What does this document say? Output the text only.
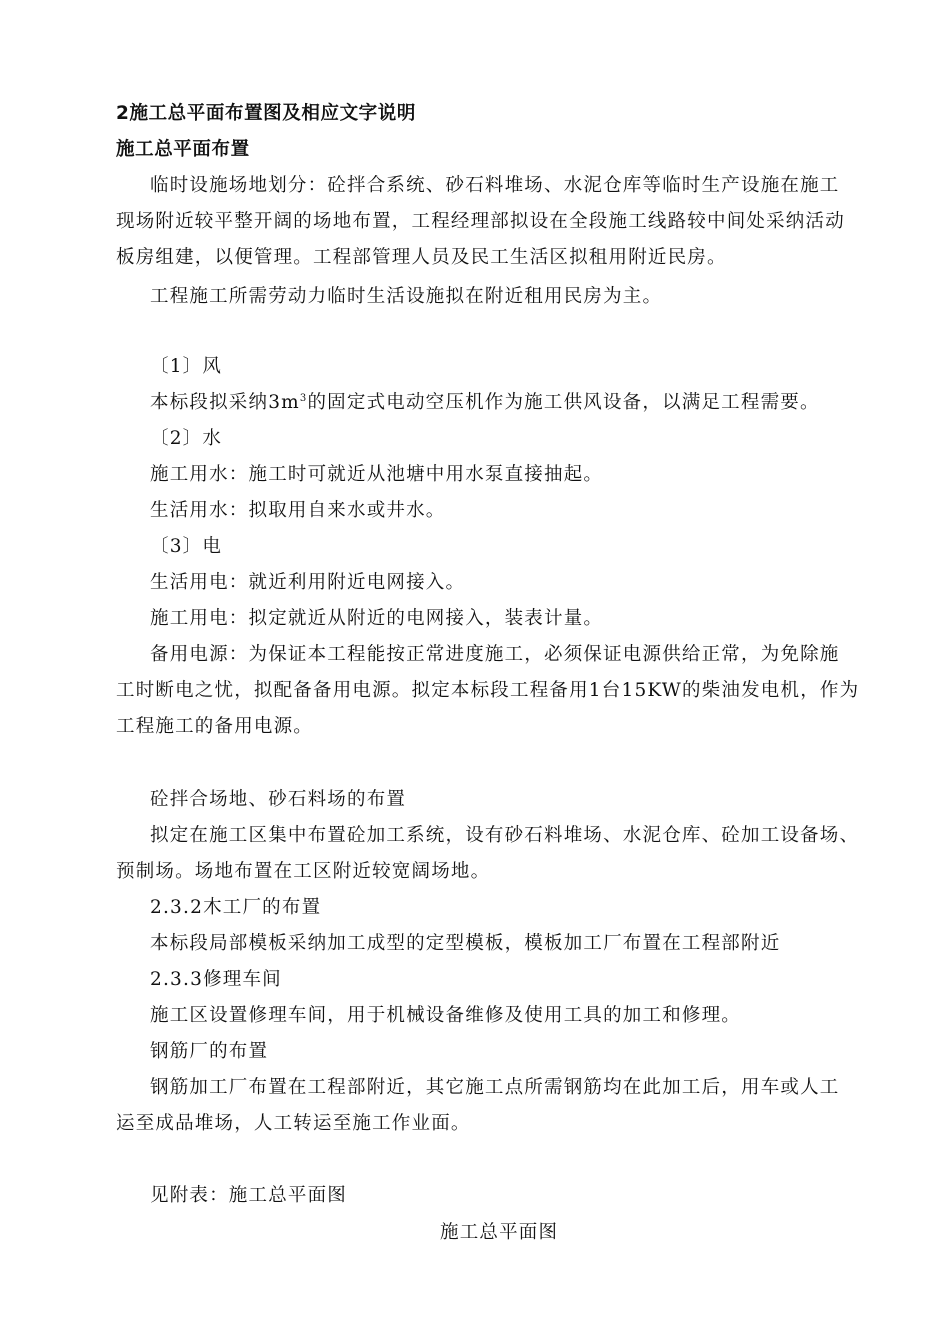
2施工总平面布置图及相应文字说明
施工总平面布置
临时设施场地划分：砼拌合系统、砂石料堆场、水泥仓库等临时生产设施在施工
现场附近较平整开阔的场地布置，工程经理部拟设在全段施工线路较中间处采纳活动
板房组建，以便管理。工程部管理人员及民工生活区拟租用附近民房。
工程施工所需劳动力临时生活设施拟在附近租用民房为主。
〔1〕风
本标段拟采纳$3m^3$的固定式电动空压机作为施工供风设备，以满足工程需要。
〔2〕水
施工用水：施工时可就近从池塘中用水泵直接抽起。
生活用水：拟取用自来水或井水。
〔3〕电
生活用电：就近利用附近电网接入。
施工用电：拟定就近从附近的电网接入，装表计量。
备用电源：为保证本工程能按正常进度施工，必须保证电源供给正常，为免除施
工时断电之忧，拟配备备用电源。拟定本标段工程备用1台15KW的柴油发电机，作为
工程施工的备用电源。
砼拌合场地、砂石料场的布置
拟定在施工区集中布置砼加工系统，设有砂石料堆场、水泥仓库、砼加工设备场、
预制场。场地布置在工区附近较宽阔场地。
2.3.2木工厂的布置
本标段局部模板采纳加工成型的定型模板，模板加工厂布置在工程部附近
2.3.3修理车间
施工区设置修理车间，用于机械设备维修及使用工具的加工和修理。
钢筋厂的布置
钢筋加工厂布置在工程部附近，其它施工点所需钢筋均在此加工后，用车或人工
运至成品堆场，人工转运至施工作业面。
见附表：施工总平面图
施工总平面图
